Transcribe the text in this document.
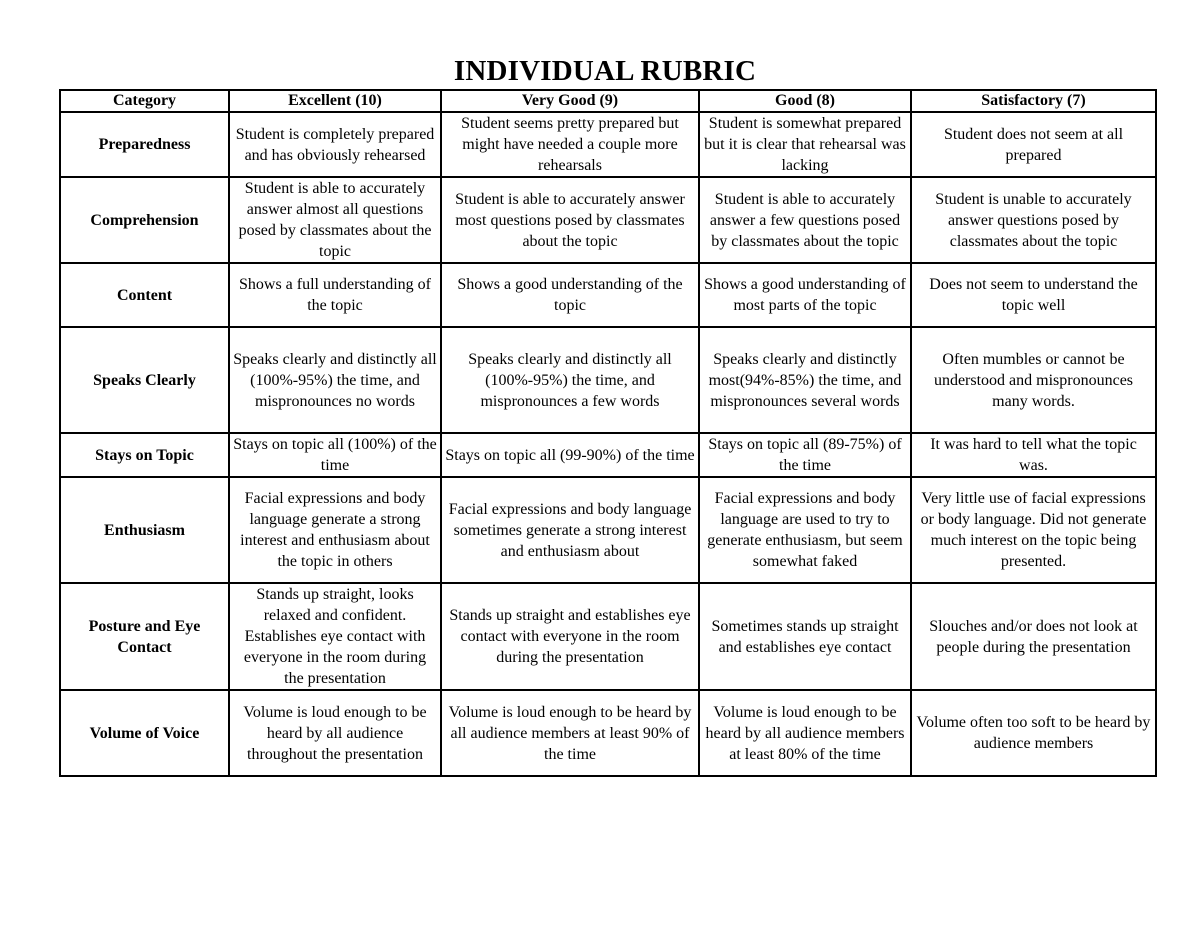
INDIVIDUAL RUBRIC
Category	Excellent (10)	Very Good (9)	Good (8)	Satisfactory (7)
Preparedness	Student is completely prepared and has obviously rehearsed	Student seems pretty prepared but might have needed a couple more rehearsals	Student is somewhat prepared but it is clear that rehearsal was lacking	Student does not seem at all prepared
Comprehension	Student is able to accurately answer almost all questions posed by classmates about the topic	Student is able to accurately answer most questions posed by classmates about the topic	Student is able to accurately answer a few questions posed by classmates about the topic	Student is unable to accurately answer questions posed by classmates about the topic
Content	Shows a full understanding of the topic	Shows a good understanding of the topic	Shows a good understanding of most parts of the topic	Does not seem to understand the topic well
Speaks Clearly	Speaks clearly and distinctly all (100%-95%) the time, and mispronounces no words	Speaks clearly and distinctly all (100%-95%) the time, and mispronounces a few words	Speaks clearly and distinctly most(94%-85%) the time, and mispronounces several words	Often mumbles or cannot be understood and mispronounces many words.
Stays on Topic	Stays on topic all (100%) of the time	Stays on topic all (99-90%) of the time	Stays on topic all (89-75%) of the time	It was hard to tell what the topic was.
Enthusiasm	Facial expressions and body language generate a strong interest and enthusiasm about the topic in others	Facial expressions and body language sometimes generate a strong interest and enthusiasm about	Facial expressions and body language are used to try to generate enthusiasm, but seem somewhat faked	Very little use of facial expressions or body language. Did not generate much interest on the topic being presented.
Posture and Eye Contact	Stands up straight, looks relaxed and confident. Establishes eye contact with everyone in the room during the presentation	Stands up straight and establishes eye contact with everyone in the room during the presentation	Sometimes stands up straight and establishes eye contact	Slouches and/or does not look at people during the presentation
Volume of Voice	Volume is loud enough to be heard by all audience throughout the presentation	Volume is loud enough to be heard by all audience members at least 90% of the time	Volume is loud enough to be heard by all audience members at least 80% of the time	Volume often too soft to be heard by audience members
